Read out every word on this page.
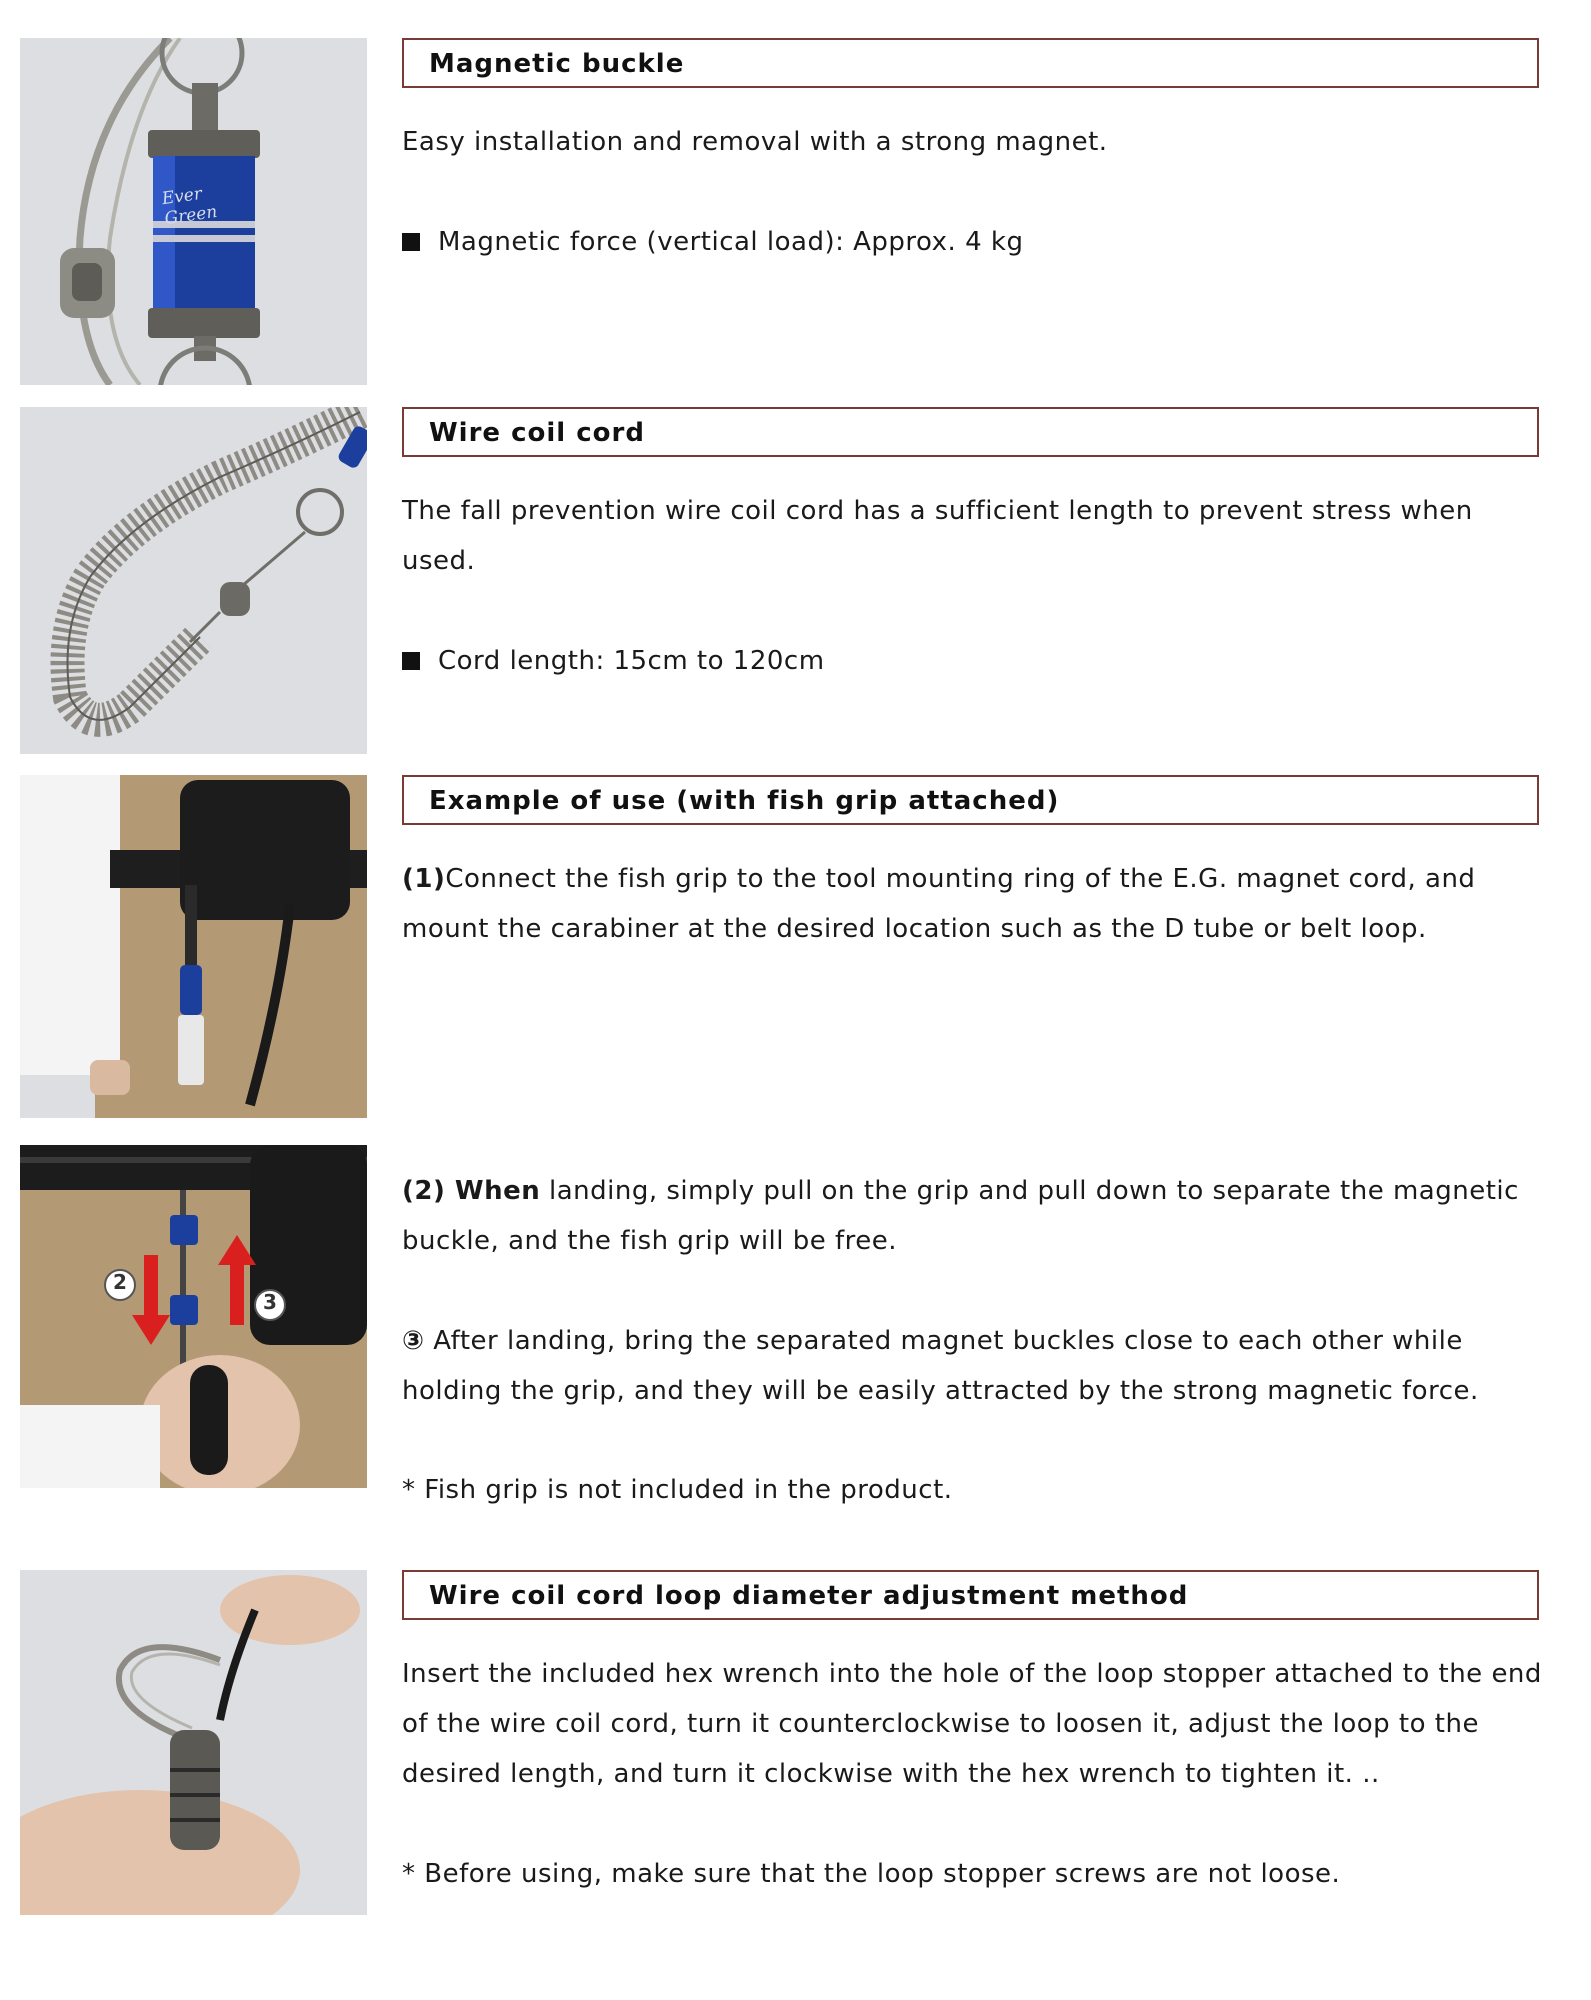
Ever Green
Magnetic buckle
Easy installation and removal with a strong magnet.
Magnetic force (vertical load): Approx. 4 kg
Wire coil cord
The fall prevention wire coil cord has a sufficient length to prevent stress when used.
Cord length: 15cm to 120cm
Example of use (with fish grip attached)
(1)Connect the fish grip to the tool mounting ring of the E.G. magnet cord, and mount the carabiner at the desired location such as the D tube or belt loop.
2
3
(2) When landing, simply pull on the grip and pull down to separate the magnetic buckle, and the fish grip will be free.
③ After landing, bring the separated magnet buckles close to each other while holding the grip, and they will be easily attracted by the strong magnetic force.
* Fish grip is not included in the product.
Wire coil cord loop diameter adjustment method
Insert the included hex wrench into the hole of the loop stopper attached to the end of the wire coil cord, turn it counterclockwise to loosen it, adjust the loop to the desired length, and turn it clockwise with the hex wrench to tighten it. ..
* Before using, make sure that the loop stopper screws are not loose.
